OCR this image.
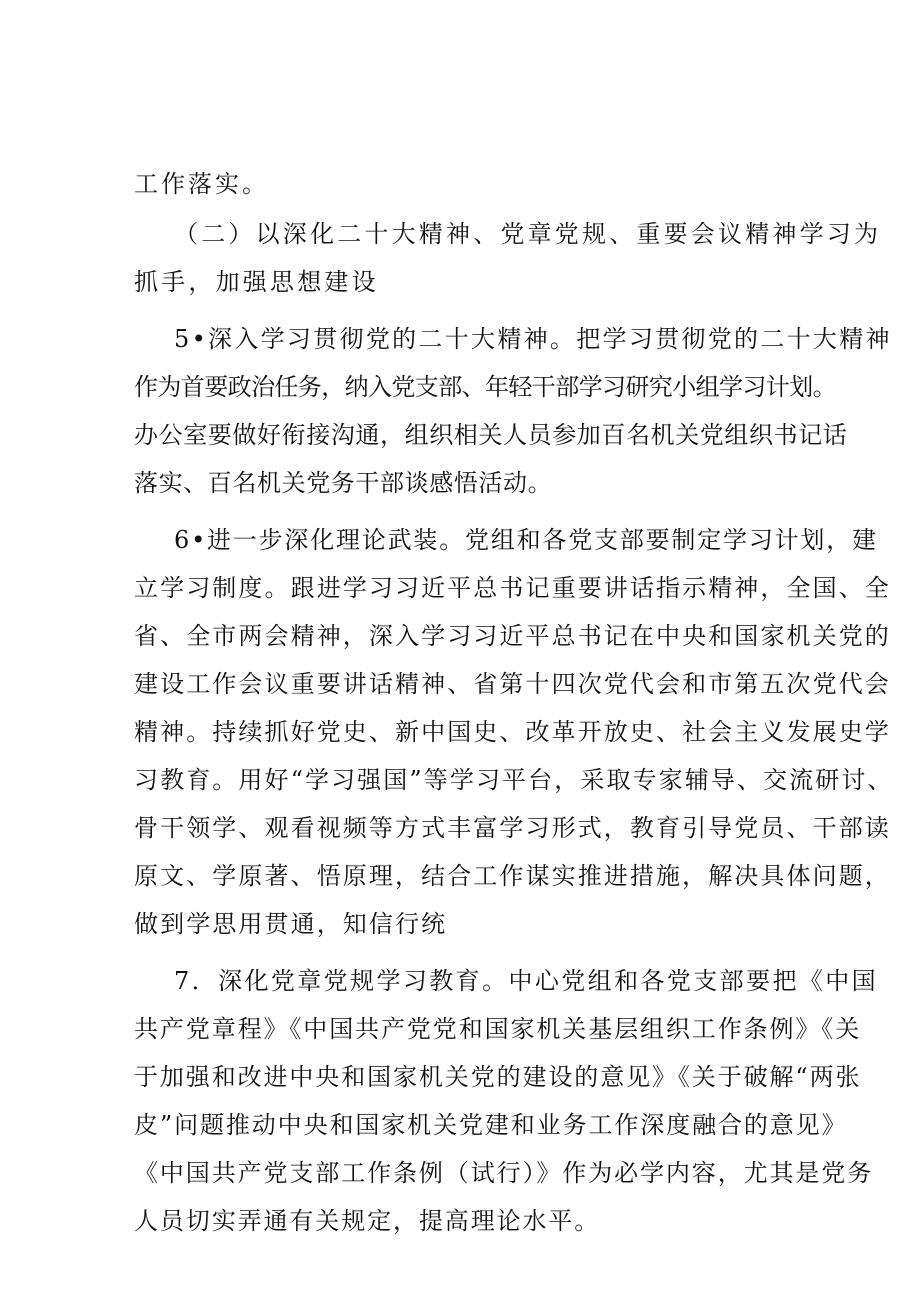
工作落实。
（二）以深化二十大精神、党章党规、重要会议精神学习为
抓手，加强思想建设
5•深入学习贯彻党的二十大精神。把学习贯彻党的二十大精神
作为首要政治任务，纳入党支部、年轻干部学习研究小组学习计划。
办公室要做好衔接沟通，组织相关人员参加百名机关党组织书记话
落实、百名机关党务干部谈感悟活动。
6•进一步深化理论武装。党组和各党支部要制定学习计划，建
立学习制度。跟进学习习近平总书记重要讲话指示精神，全国、全
省、全市两会精神，深入学习习近平总书记在中央和国家机关党的
建设工作会议重要讲话精神、省第十四次党代会和市第五次党代会
精神。持续抓好党史、新中国史、改革开放史、社会主义发展史学
习教育。用好“学习强国”等学习平台，采取专家辅导、交流研讨、
骨干领学、观看视频等方式丰富学习形式，教育引导党员、干部读
原文、学原著、悟原理，结合工作谋实推进措施，解决具体问题，
做到学思用贯通，知信行统
7．深化党章党规学习教育。中心党组和各党支部要把《中国
共产党章程》《中国共产党党和国家机关基层组织工作条例》《关
于加强和改进中央和国家机关党的建设的意见》《关于破解“两张
皮”问题推动中央和国家机关党建和业务工作深度融合的意见》
《中国共产党支部工作条例（试行）》作为必学内容，尤其是党务
人员切实弄通有关规定，提高理论水平。
